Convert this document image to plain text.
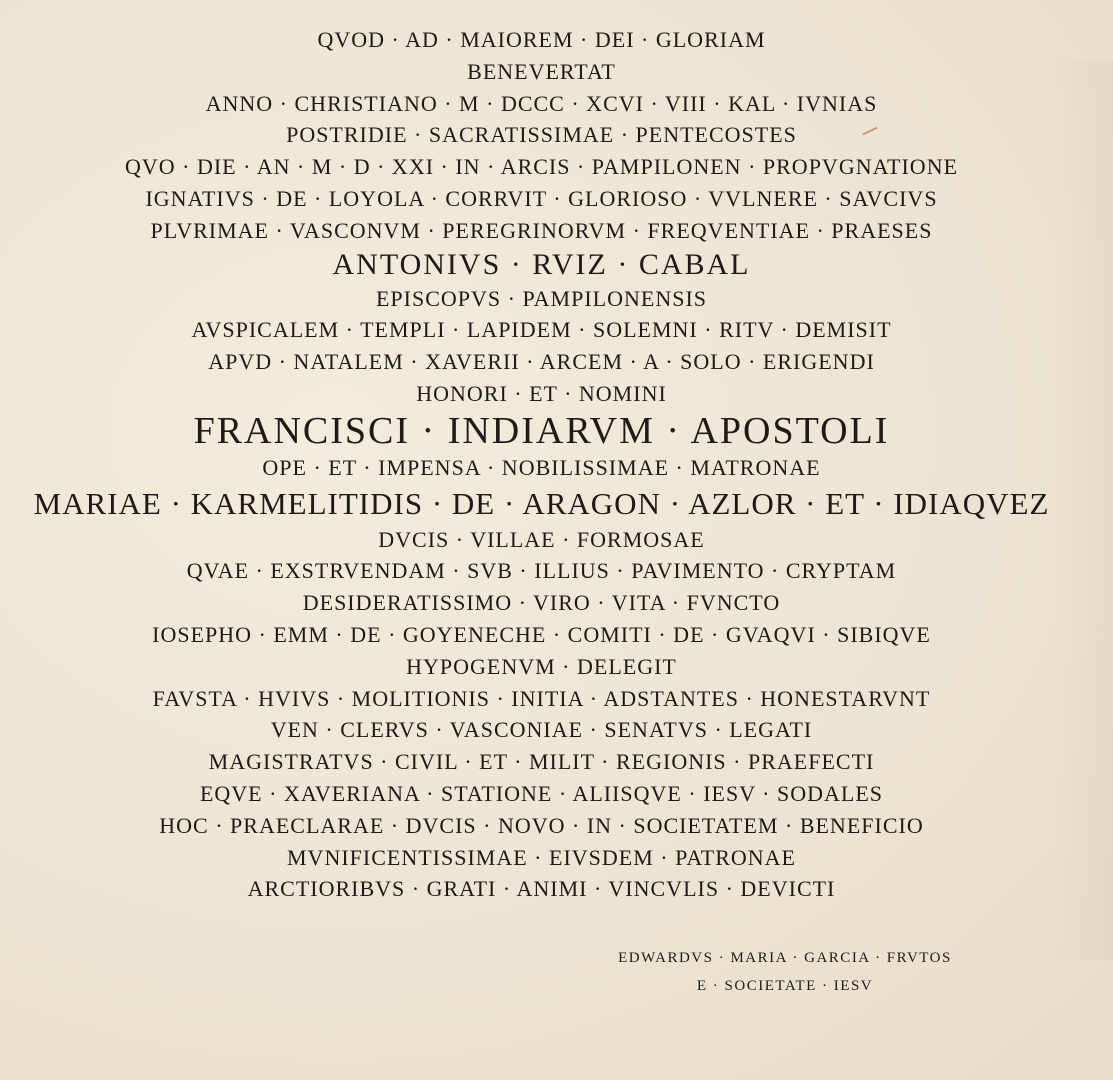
QVOD · AD · MAIOREM · DEI · GLORIAM
BENEVERTAT
ANNO · CHRISTIANO · M · DCCC · XCVI · VIII · KAL · IVNIAS
POSTRIDIE · SACRATISSIMAE · PENTECOSTES
QVO · DIE · AN · M · D · XXI · IN · ARCIS · PAMPILONEN · PROPVGNATIONE
IGNATIVS · DE · LOYOLA · CORRVIT · GLORIOSO · VVLNERE · SAVCIVS
PLVRIMAE · VASCONVM · PEREGRINORVM · FREQVENTIAE · PRAESES
ANTONIVS · RVIZ · CABAL
EPISCOPVS · PAMPILONENSIS
AVSPICALEM · TEMPLI · LAPIDEM · SOLEMNI · RITV · DEMISIT
APVD · NATALEM · XAVERII · ARCEM · A · SOLO · ERIGENDI
HONORI · ET · NOMINI
FRANCISCI · INDIARVM · APOSTOLI
OPE · ET · IMPENSA · NOBILISSIMAE · MATRONAE
MARIAE · KARMELITIDIS · DE · ARAGON · AZLOR · ET · IDIAQVEZ
DVCIS · VILLAE · FORMOSAE
QVAE · EXSTRVENDAM · SVB · ILLIUS · PAVIMENTO · CRYPTAM
DESIDERATISSIMO · VIRO · VITA · FVNCTO
IOSEPHO · EMM · DE · GOYENECHE · COMITI · DE · GVAQVI · SIBIQVE
HYPOGENVM · DELEGIT
FAVSTA · HVIVS · MOLITIONIS · INITIA · ADSTANTES · HONESTARVNT
VEN · CLERVS · VASCONIAE · SENATVS · LEGATI
MAGISTRATVS · CIVIL · ET · MILIT · REGIONIS · PRAEFECTI
EQVE · XAVERIANA · STATIONE · ALIISQVE · IESV · SODALES
HOC · PRAECLARAE · DVCIS · NOVO · IN · SOCIETATEM · BENEFICIO
MVNIFICENTISSIMAE · EIVSDEM · PATRONAE
ARCTIORIBVS · GRATI · ANIMI · VINCVLIS · DEVICTI
EDWARDVS · MARIA · GARCIA · FRVTOS
E · SOCIETATE · IESV
